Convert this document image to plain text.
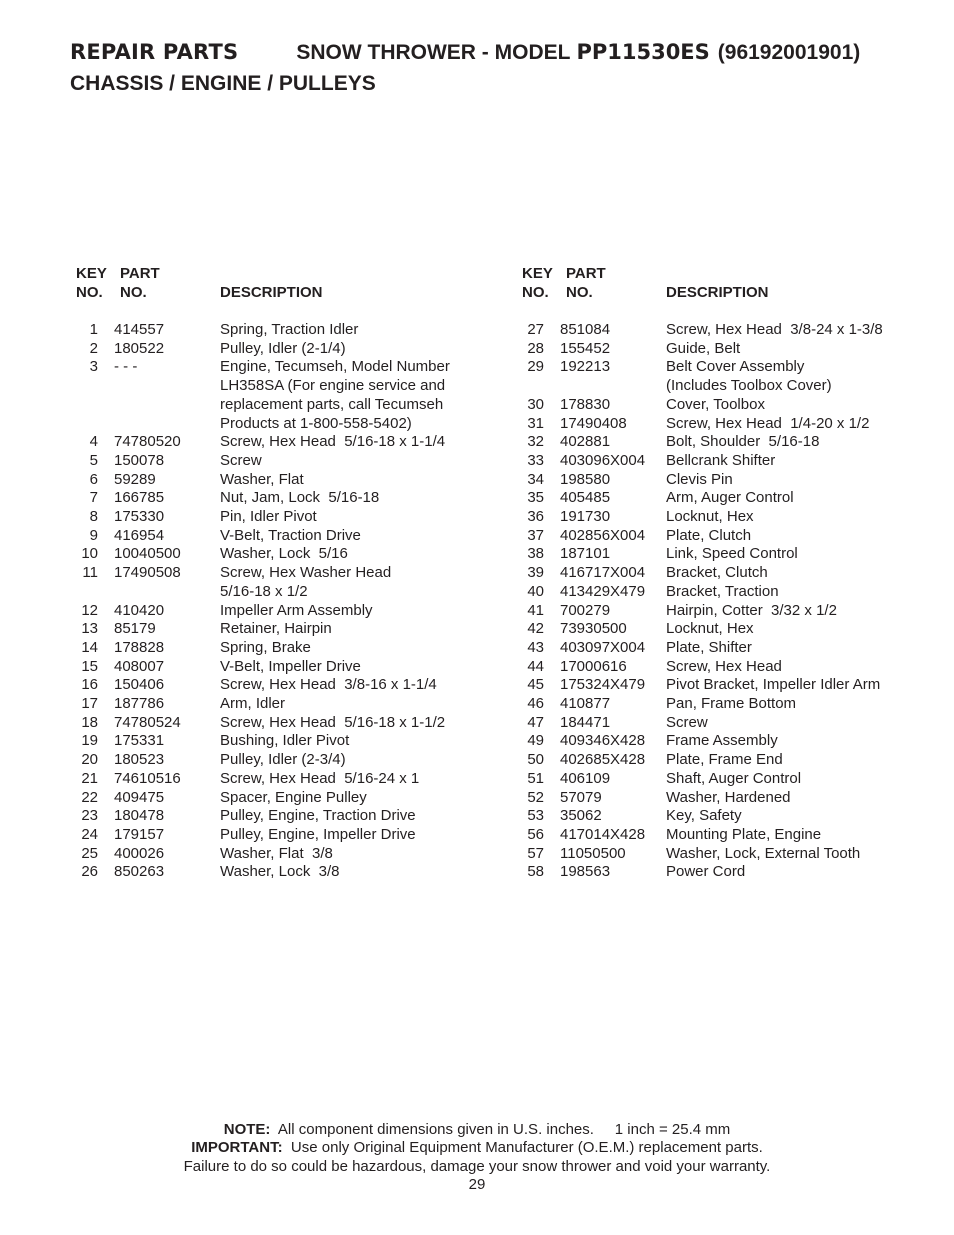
REPAIR PARTS	SNOW THROWER - MODEL PP11530ES (96192001901)
CHASSIS / ENGINE / PULLEYS
KEY
NO.
PART
NO.	DESCRIPTION
1 414557	Spring, Traction Idler
2 180522	Pulley, Idler (2-1/4)
3 - - -	Engine, Tecumseh, Model Number
LH358SA (For engine service and
replacement parts, call Tecumseh
Products at 1-800-558-5402)
4 74780520	Screw, Hex Head  5/16-18 x 1-1/4
5 150078	Screw
6 59289	Washer, Flat
7 166785	Nut, Jam, Lock  5/16-18
8 175330	Pin, Idler Pivot
9 416954	V-Belt, Traction Drive
10 10040500	Washer, Lock  5/16
11 17490508	Screw, Hex Washer Head
5/16-18 x 1/2
12 410420	Impeller Arm Assembly
13 85179	Retainer, Hairpin
14 178828	Spring, Brake
15 408007	V-Belt, Impeller Drive
16 150406	Screw, Hex Head  3/8-16 x 1-1/4
17 187786	Arm, Idler
18 74780524	Screw, Hex Head  5/16-18 x 1-1/2
19 175331	Bushing, Idler Pivot
20 180523	Pulley, Idler (2-3/4)
21 74610516	Screw, Hex Head  5/16-24 x 1
22 409475	Spacer, Engine Pulley
23 180478	Pulley, Engine, Traction Drive
24 179157	Pulley, Engine, Impeller Drive
25 400026	Washer, Flat  3/8
26 850263	Washer, Lock  3/8
KEY
NO.
PART
NO.	DESCRIPTION
27 851084	Screw, Hex Head  3/8-24 x 1-3/8
28 155452	Guide, Belt
29 192213	Belt Cover Assembly
(Includes Toolbox Cover)
30 178830	Cover, Toolbox
31 17490408	Screw, Hex Head  1/4-20 x 1/2
32 402881	Bolt, Shoulder  5/16-18
33 403096X004 Bellcrank Shifter
34 198580	Clevis Pin
35 405485	Arm, Auger Control
36 191730	Locknut, Hex
37 402856X004 Plate, Clutch
38 187101	Link, Speed Control
39 416717X004 Bracket, Clutch
40 413429X479 Bracket, Traction
41 700279	Hairpin, Cotter  3/32 x 1/2
42 73930500	Locknut, Hex
43 403097X004 Plate, Shifter
44 17000616	Screw, Hex Head
45 175324X479 Pivot Bracket, Impeller Idler Arm
46 410877	Pan, Frame Bottom
47 184471	Screw
49 409346X428 Frame Assembly
50 402685X428 Plate, Frame End
51 406109	Shaft, Auger Control
52 57079	Washer, Hardened
53 35062	Key, Safety
56 417014X428 Mounting Plate, Engine
57 11050500	Washer, Lock, External Tooth
58 198563	Power Cord
NOTE:  All component dimensions given in U.S. inches.     1 inch = 25.4 mm
IMPORTANT:  Use only Original Equipment Manufacturer (O.E.M.) replacement parts.
Failure to do so could be hazardous, damage your snow thrower and void your warranty.
29
